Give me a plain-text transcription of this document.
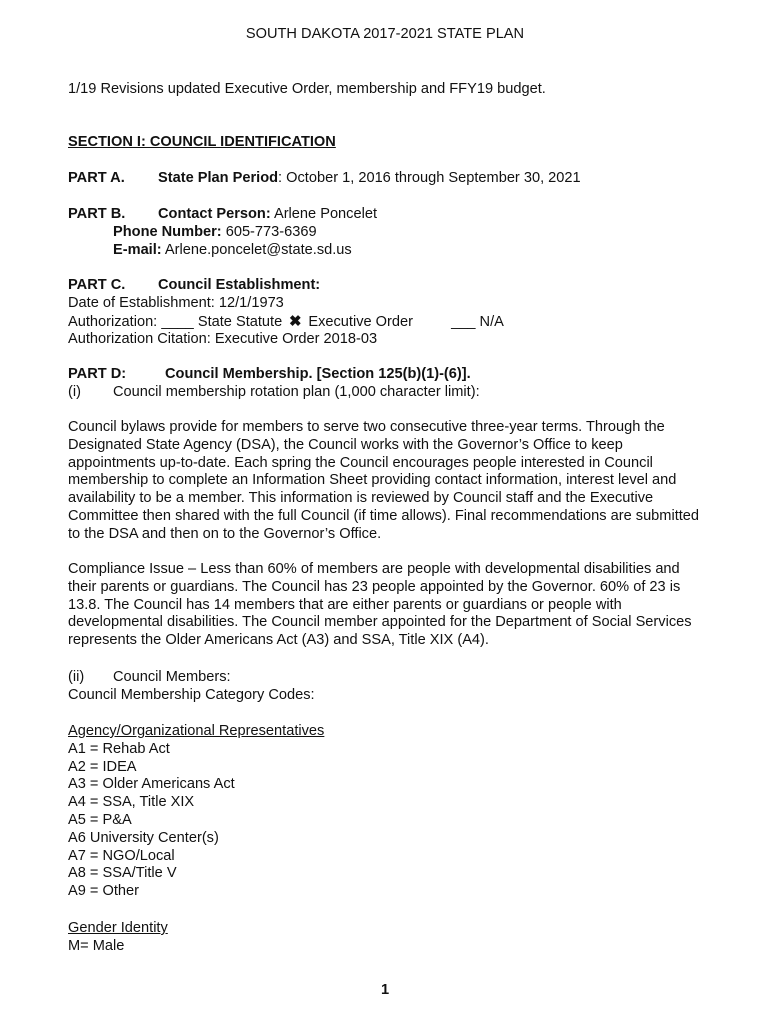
SOUTH DAKOTA 2017-2021 STATE PLAN
1/19 Revisions updated Executive Order, membership and FFY19 budget.
SECTION I: COUNCIL IDENTIFICATION
PART A. State Plan Period: October 1, 2016 through September 30, 2021
PART B. Contact Person: Arlene Poncelet
Phone Number: 605-773-6369
E-mail: Arlene.poncelet@state.sd.us
PART C. Council Establishment:
Date of Establishment: 12/1/1973
Authorization: ____ State Statute ✖ Executive Order	___ N/A
Authorization Citation: Executive Order 2018-03
PART D:	Council Membership. [Section 125(b)(1)-(6)].
(i) Council membership rotation plan (1,000 character limit):
Council bylaws provide for members to serve two consecutive three-year terms. Through the Designated State Agency (DSA), the Council works with the Governor’s Office to keep appointments up-to-date. Each spring the Council encourages people interested in Council membership to complete an Information Sheet providing contact information, interest level and availability to be a member. This information is reviewed by Council staff and the Executive Committee then shared with the full Council (if time allows). Final recommendations are submitted to the DSA and then on to the Governor’s Office.
Compliance Issue – Less than 60% of members are people with developmental disabilities and their parents or guardians. The Council has 23 people appointed by the Governor. 60% of 23 is 13.8. The Council has 14 members that are either parents or guardians or people with developmental disabilities. The Council member appointed for the Department of Social Services represents the Older Americans Act (A3) and SSA, Title XIX (A4).
(ii) Council Members:
Council Membership Category Codes:
Agency/Organizational Representatives
A1 = Rehab Act
A2 = IDEA
A3 = Older Americans Act
A4 = SSA, Title XIX
A5 = P&A
A6 University Center(s)
A7 = NGO/Local
A8 = SSA/Title V
A9 = Other
Gender Identity
M= Male
1
